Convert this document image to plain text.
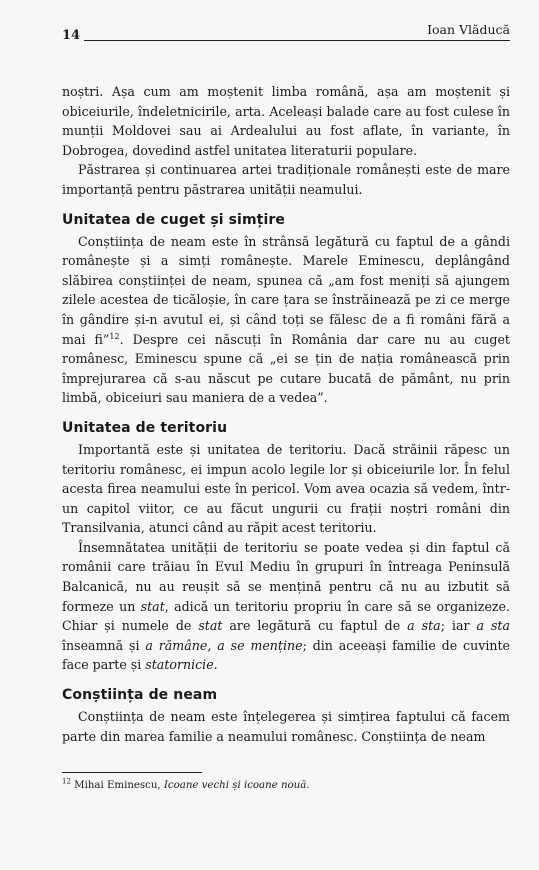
14	Ioan Vlăducă

noștri. Așa cum am moștenit limba română, așa am moștenit și obiceiurile, îndeletnicirile, arta. Aceleași balade care au fost culese în munții Moldovei sau ai Ardealului au fost aflate, în variante, în Dobrogea, dovedind astfel unitatea literaturii populare.

Păstrarea și continuarea artei tradiționale românești este de mare importanță pentru păstrarea unității neamului.

Unitatea de cuget și simțire

Conștiința de neam este în strânsă legătură cu faptul de a gândi românește și a simți românește. Marele Eminescu, deplângând slăbirea conștiinței de neam, spunea că „am fost meniți să ajungem zilele acestea de ticăloșie, în care țara se înstrăinează pe zi ce merge în gândire și-n avutul ei, și când toți se fălesc de a fi români fără a mai fi”$^{12}$. Despre cei născuți în România dar care nu au cuget românesc, Eminescu spune că „ei se țin de nația românească prin împrejurarea că s-au născut pe cutare bucată de pământ, nu prin limbă, obiceiuri sau maniera de a vedea”.

Unitatea de teritoriu

Importantă este și unitatea de teritoriu. Dacă străinii răpesc un teritoriu românesc, ei impun acolo legile lor și obiceiurile lor. În felul acesta firea neamului este în pericol. Vom avea ocazia să vedem, într-un capitol viitor, ce au făcut ungurii cu frații noștri români din Transilvania, atunci când au răpit acest teritoriu.

Însemnătatea unității de teritoriu se poate vedea și din faptul că românii care trăiau în Evul Mediu în grupuri în întreaga Peninsulă Balcanică, nu au reușit să se mențină pentru că nu au izbutit să formeze un stat, adică un teritoriu propriu în care să se organizeze. Chiar și numele de stat are legătură cu faptul de a sta; iar a sta înseamnă și a rămâne, a se menține; din aceeași familie de cuvinte face parte și statornicie.

Conștiința de neam

Conștiința de neam este înțelegerea și simțirea faptului că facem parte din marea familie a neamului românesc. Conștiința de neam

$^{12}$ Mihai Eminescu, Icoane vechi și icoane nouă.
